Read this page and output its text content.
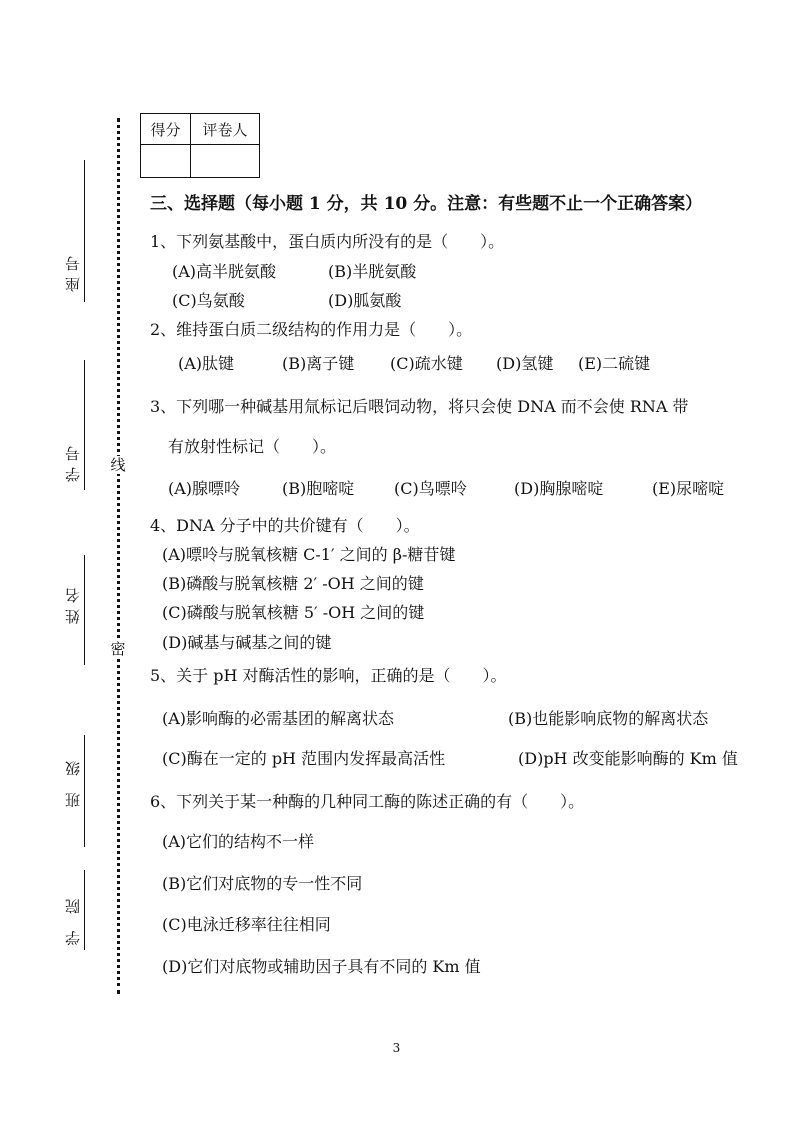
座号
学号
姓名
班 级
学 院
线
密
得分	评卷人

三、选择题（每小题 1 分，共 10 分。注意：有些题不止一个正确答案）
1、下列氨基酸中，蛋白质内所没有的是（　　）。
(A)高半胱氨酸	(B)半胱氨酸
(C)鸟氨酸	(D)胍氨酸
2、维持蛋白质二级结构的作用力是（　　）。
(A)肽键	(B)离子键 (C)疏水键 (D)氢键 (E)二硫键
3、下列哪一种碱基用氚标记后喂饲动物，将只会使 DNA 而不会使 RNA 带
有放射性标记（　　）。
(A)腺嘌呤	(B)胞嘧啶 (C)鸟嘌呤	(D)胸腺嘧啶	(E)尿嘧啶
4、DNA 分子中的共价键有（　　）。
(A)嘌呤与脱氧核糖 C-1′ 之间的 β-糖苷键
(B)磷酸与脱氧核糖 2′ -OH 之间的键
(C)磷酸与脱氧核糖 5′ -OH 之间的键
(D)碱基与碱基之间的键
5、关于 pH 对酶活性的影响，正确的是（　　）。
(A)影响酶的必需基团的解离状态	(B)也能影响底物的解离状态
(C)酶在一定的 pH 范围内发挥最高活性	(D)pH 改变能影响酶的 Km 值
6、下列关于某一种酶的几种同工酶的陈述正确的有（　　）。
(A)它们的结构不一样
(B)它们对底物的专一性不同
(C)电泳迁移率往往相同
(D)它们对底物或辅助因子具有不同的 Km 值
3
